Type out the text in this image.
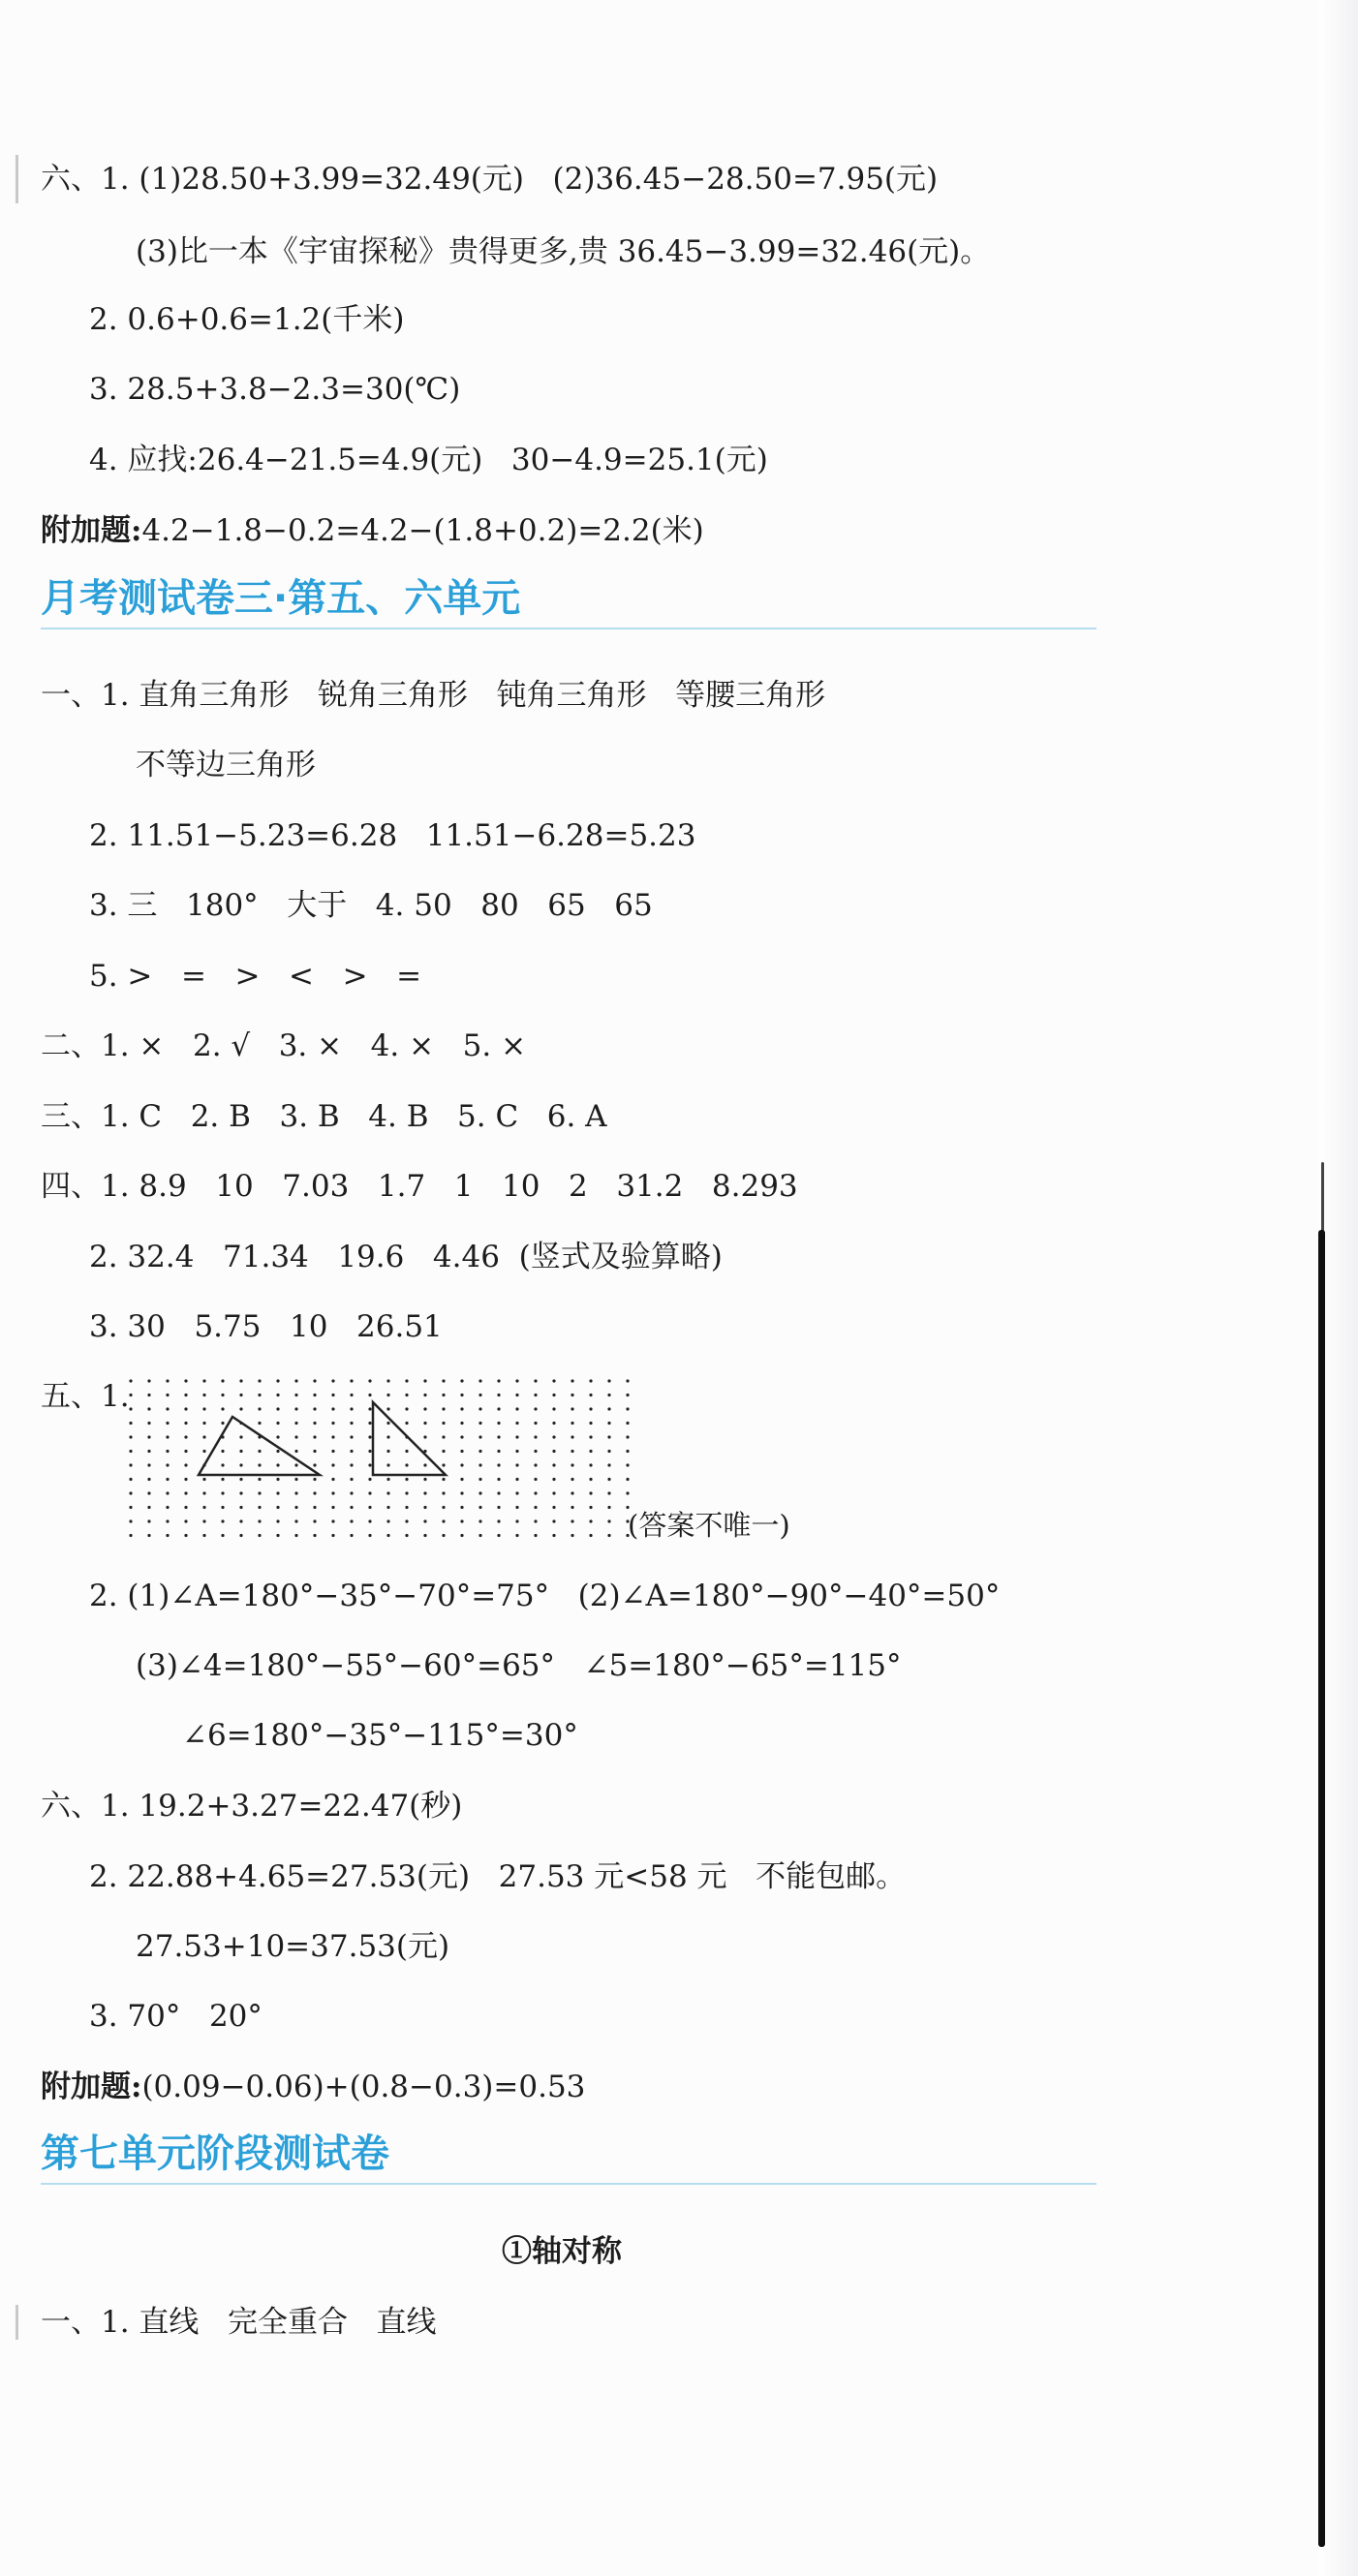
六、1. (1)28.50+3.99=32.49(元)   (2)36.45−28.50=7.95(元)
(3)比一本《宇宙探秘》贵得更多,贵 36.45−3.99=32.46(元)。
2. 0.6+0.6=1.2(千米)
3. 28.5+3.8−2.3=30(℃)
4. 应找:26.4−21.5=4.9(元)   30−4.9=25.1(元)
附加题:4.2−1.8−0.2=4.2−(1.8+0.2)=2.2(米)
月考测试卷三·第五、六单元
一、1. 直角三角形   锐角三角形   钝角三角形   等腰三角形
不等边三角形
2. 11.51−5.23=6.28   11.51−6.28=5.23
3. 三   180°   大于   4. 50   80   65   65
5. >   =   >   <   >   =
二、1. ×   2. √   3. ×   4. ×   5. ×
三、1. C   2. B   3. B   4. B   5. C   6. A
四、1. 8.9   10   7.03   1.7   1   10   2   31.2   8.293
2. 32.4   71.34   19.6   4.46  (竖式及验算略)
3. 30   5.75   10   26.51
五、1.
(答案不唯一)
2. (1)∠A=180°−35°−70°=75°   (2)∠A=180°−90°−40°=50°
(3)∠4=180°−55°−60°=65°   ∠5=180°−65°=115°
∠6=180°−35°−115°=30°
六、1. 19.2+3.27=22.47(秒)
2. 22.88+4.65=27.53(元)   27.53 元<58 元   不能包邮。
27.53+10=37.53(元)
3. 70°   20°
附加题:(0.09−0.06)+(0.8−0.3)=0.53
第七单元阶段测试卷
①轴对称
一、1. 直线   完全重合   直线
